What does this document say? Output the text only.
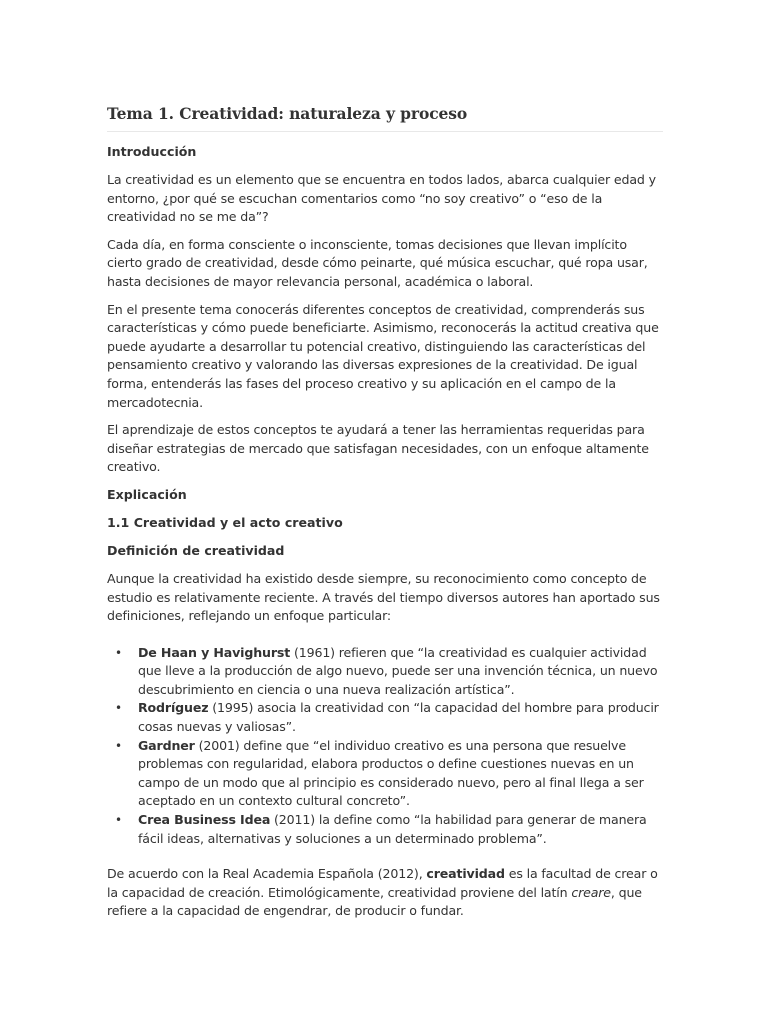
Tema 1. Creatividad: naturaleza y proceso

Introducción

La creatividad es un elemento que se encuentra en todos lados, abarca cualquier edad y entorno, ¿por qué se escuchan comentarios como “no soy creativo” o “eso de la creatividad no se me da”?

Cada día, en forma consciente o inconsciente, tomas decisiones que llevan implícito cierto grado de creatividad, desde cómo peinarte, qué música escuchar, qué ropa usar, hasta decisiones de mayor relevancia personal, académica o laboral.

En el presente tema conocerás diferentes conceptos de creatividad, comprenderás sus características y cómo puede beneficiarte. Asimismo, reconocerás la actitud creativa que puede ayudarte a desarrollar tu potencial creativo, distinguiendo las características del pensamiento creativo y valorando las diversas expresiones de la creatividad. De igual forma, entenderás las fases del proceso creativo y su aplicación en el campo de la mercadotecnia.

El aprendizaje de estos conceptos te ayudará a tener las herramientas requeridas para diseñar estrategias de mercado que satisfagan necesidades, con un enfoque altamente creativo.

Explicación

1.1 Creatividad y el acto creativo

Definición de creatividad

Aunque la creatividad ha existido desde siempre, su reconocimiento como concepto de estudio es relativamente reciente. A través del tiempo diversos autores han aportado sus definiciones, reflejando un enfoque particular:

• De Haan y Havighurst (1961) refieren que “la creatividad es cualquier actividad que lleve a la producción de algo nuevo, puede ser una invención técnica, un nuevo descubrimiento en ciencia o una nueva realización artística”.
• Rodríguez (1995) asocia la creatividad con “la capacidad del hombre para producir cosas nuevas y valiosas”.
• Gardner (2001) define que “el individuo creativo es una persona que resuelve problemas con regularidad, elabora productos o define cuestiones nuevas en un campo de un modo que al principio es considerado nuevo, pero al final llega a ser aceptado en un contexto cultural concreto”.
• Crea Business Idea (2011) la define como “la habilidad para generar de manera fácil ideas, alternativas y soluciones a un determinado problema”.

De acuerdo con la Real Academia Española (2012), creatividad es la facultad de crear o la capacidad de creación. Etimológicamente, creatividad proviene del latín creare, que refiere a la capacidad de engendrar, de producir o fundar.
